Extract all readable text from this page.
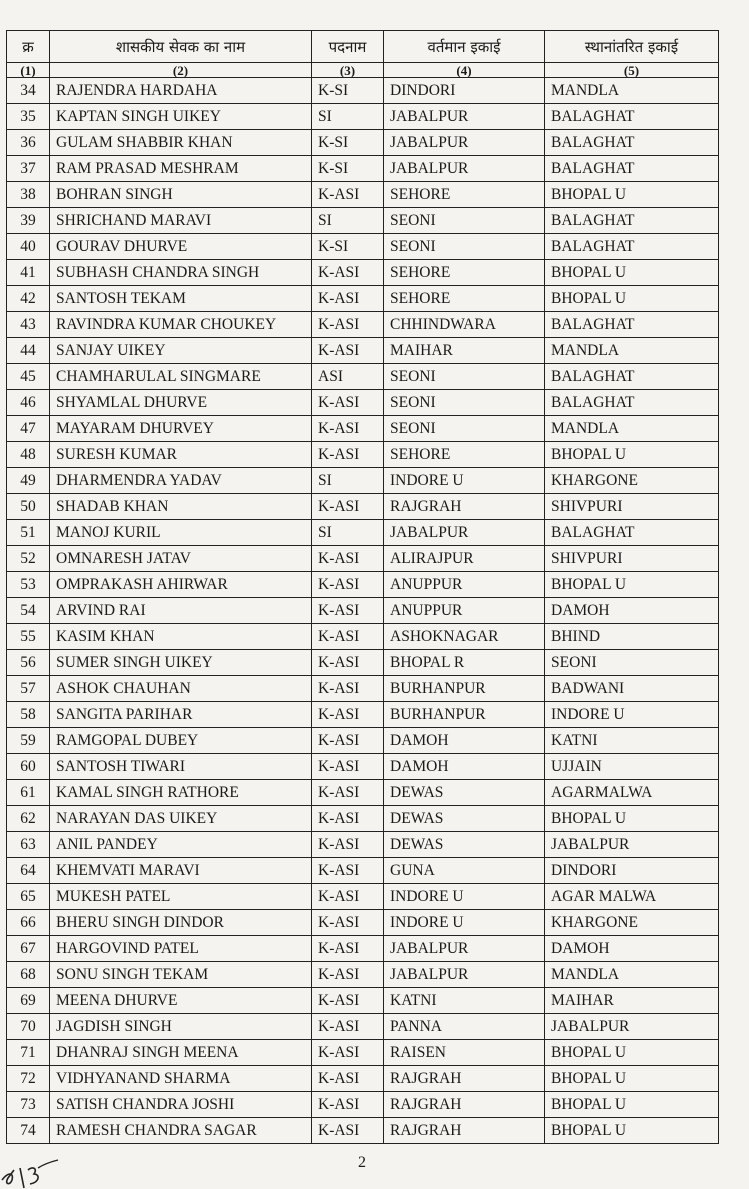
क्र	शासकीय सेवक का नाम	पदनाम	वर्तमान इकाई	स्थानांतरित इकाई
(1)	(2)	(3)	(4)	(5)
34	RAJENDRA HARDAHA	K-SI	DINDORI	MANDLA
35	KAPTAN SINGH UIKEY	SI	JABALPUR	BALAGHAT
36	GULAM SHABBIR KHAN	K-SI	JABALPUR	BALAGHAT
37	RAM PRASAD MESHRAM	K-SI	JABALPUR	BALAGHAT
38	BOHRAN SINGH	K-ASI	SEHORE	BHOPAL U
39	SHRICHAND MARAVI	SI	SEONI	BALAGHAT
40	GOURAV DHURVE	K-SI	SEONI	BALAGHAT
41	SUBHASH CHANDRA SINGH	K-ASI	SEHORE	BHOPAL U
42	SANTOSH TEKAM	K-ASI	SEHORE	BHOPAL U
43	RAVINDRA KUMAR CHOUKEY	K-ASI	CHHINDWARA	BALAGHAT
44	SANJAY UIKEY	K-ASI	MAIHAR	MANDLA
45	CHAMHARULAL SINGMARE	ASI	SEONI	BALAGHAT
46	SHYAMLAL DHURVE	K-ASI	SEONI	BALAGHAT
47	MAYARAM DHURVEY	K-ASI	SEONI	MANDLA
48	SURESH KUMAR	K-ASI	SEHORE	BHOPAL U
49	DHARMENDRA YADAV	SI	INDORE U	KHARGONE
50	SHADAB KHAN	K-ASI	RAJGRAH	SHIVPURI
51	MANOJ KURIL	SI	JABALPUR	BALAGHAT
52	OMNARESH JATAV	K-ASI	ALIRAJPUR	SHIVPURI
53	OMPRAKASH AHIRWAR	K-ASI	ANUPPUR	BHOPAL U
54	ARVIND RAI	K-ASI	ANUPPUR	DAMOH
55	KASIM KHAN	K-ASI	ASHOKNAGAR	BHIND
56	SUMER SINGH UIKEY	K-ASI	BHOPAL R	SEONI
57	ASHOK CHAUHAN	K-ASI	BURHANPUR	BADWANI
58	SANGITA PARIHAR	K-ASI	BURHANPUR	INDORE U
59	RAMGOPAL DUBEY	K-ASI	DAMOH	KATNI
60	SANTOSH TIWARI	K-ASI	DAMOH	UJJAIN
61	KAMAL SINGH RATHORE	K-ASI	DEWAS	AGARMALWA
62	NARAYAN DAS UIKEY	K-ASI	DEWAS	BHOPAL U
63	ANIL PANDEY	K-ASI	DEWAS	JABALPUR
64	KHEMVATI MARAVI	K-ASI	GUNA	DINDORI
65	MUKESH PATEL	K-ASI	INDORE U	AGAR MALWA
66	BHERU SINGH DINDOR	K-ASI	INDORE U	KHARGONE
67	HARGOVIND PATEL	K-ASI	JABALPUR	DAMOH
68	SONU SINGH TEKAM	K-ASI	JABALPUR	MANDLA
69	MEENA DHURVE	K-ASI	KATNI	MAIHAR
70	JAGDISH SINGH	K-ASI	PANNA	JABALPUR
71	DHANRAJ SINGH MEENA	K-ASI	RAISEN	BHOPAL U
72	VIDHYANAND SHARMA	K-ASI	RAJGRAH	BHOPAL U
73	SATISH CHANDRA JOSHI	K-ASI	RAJGRAH	BHOPAL U
74	RAMESH CHANDRA SAGAR	K-ASI	RAJGRAH	BHOPAL U
2
